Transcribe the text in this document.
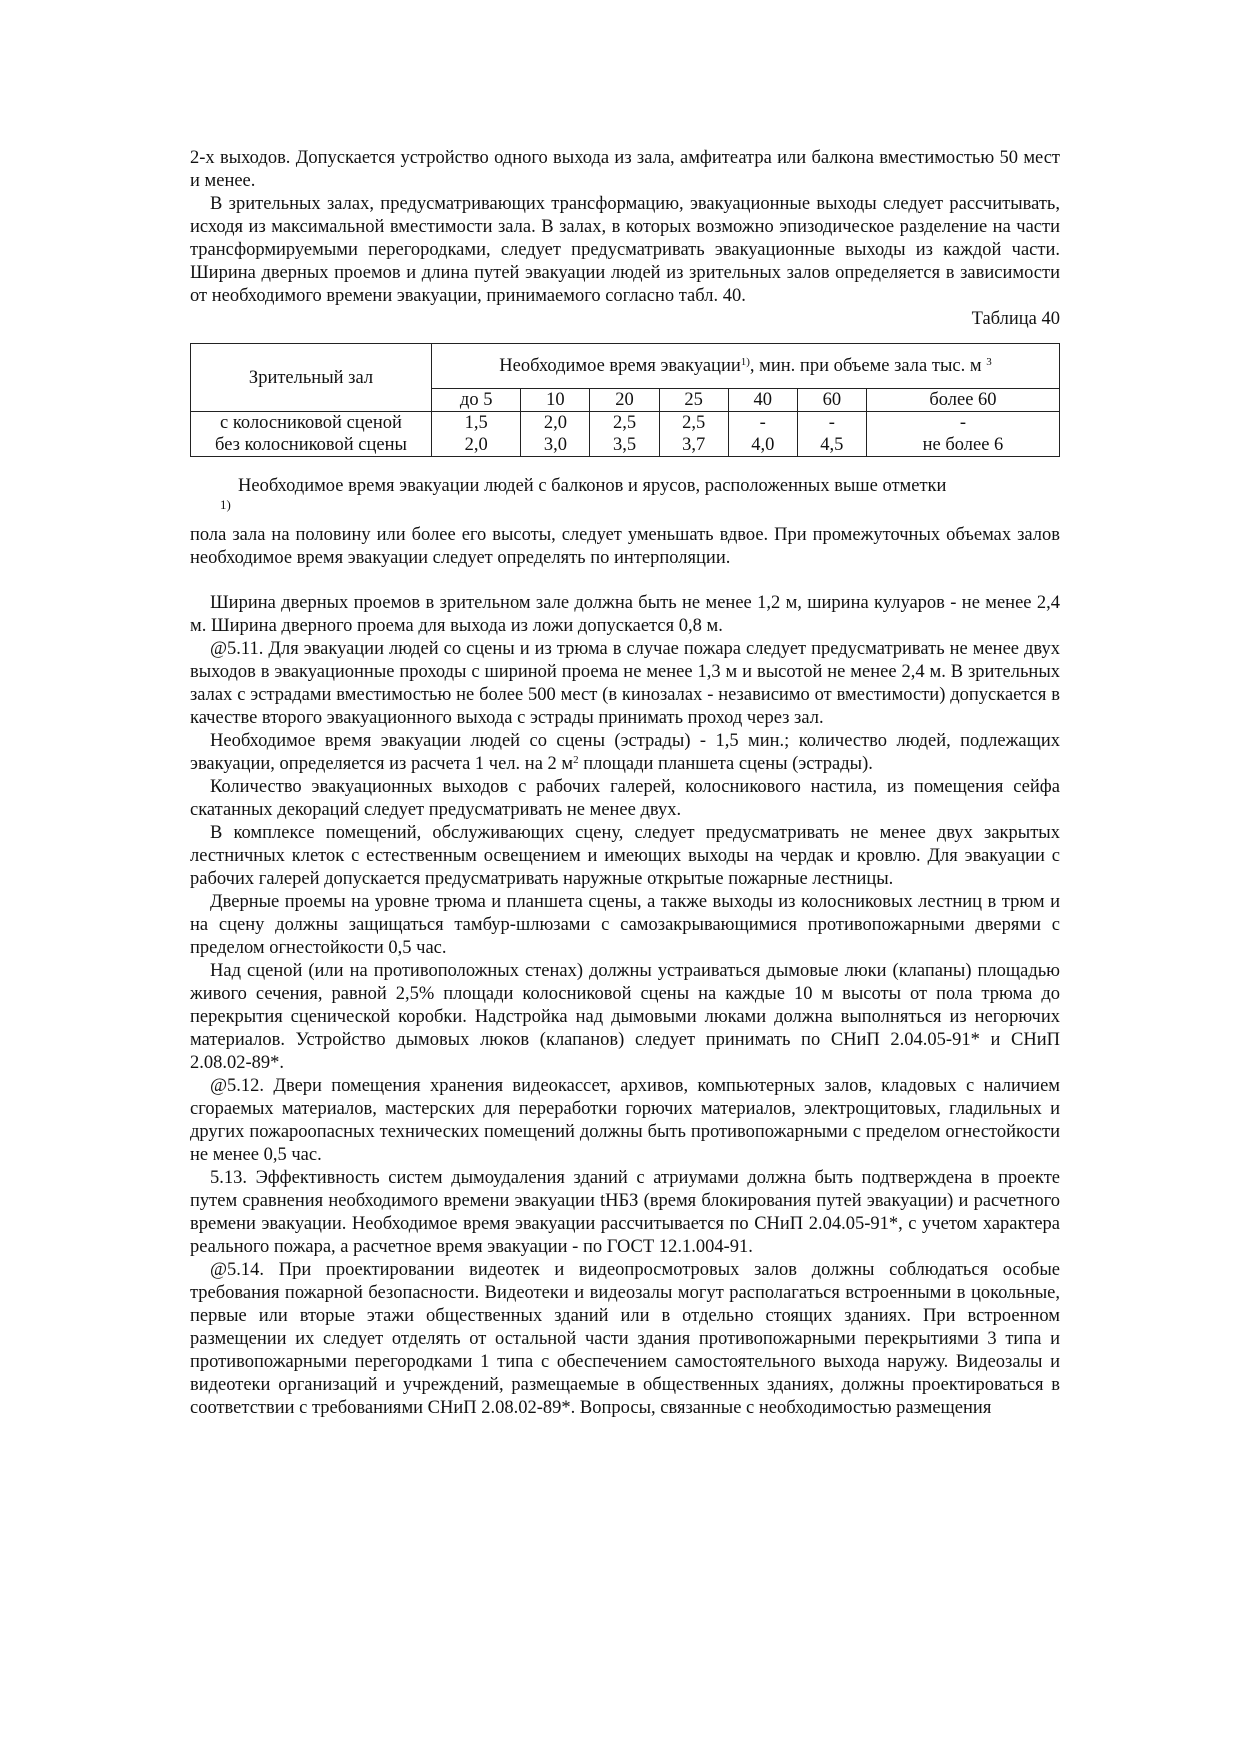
2-х выходов. Допускается устройство одного выхода из зала, амфитеатра или балкона вместимостью 50 мест и менее.

В зрительных залах, предусматривающих трансформацию, эвакуационные выходы следует рассчитывать, исходя из максимальной вместимости зала. В залах, в которых возможно эпизодическое разделение на части трансформируемыми перегородками, следует предусматривать эвакуационные выходы из каждой части. Ширина дверных проемов и длина путей эвакуации людей из зрительных залов определяется в зависимости от необходимого времени эвакуации, принимаемого согласно табл. 40.

Таблица 40

Зрительный зал	Необходимое время эвакуации$^{1)}$, мин. при объеме зала тыс. м $^3$
	до 5	10	20	25	40	60	более 60
с колосниковой сценой	1,5	2,0	2,5	2,5	-	-	-
без колосниковой сцены	2,0	3,0	3,5	3,7	4,0	4,5	не более 6

Необходимое время эвакуации людей с балконов и ярусов, расположенных выше отметки

1)

пола зала на половину или более его высоты, следует уменьшать вдвое. При промежуточных объемах залов необходимое время эвакуации следует определять по интерполяции.

Ширина дверных проемов в зрительном зале должна быть не менее 1,2 м, ширина кулуаров - не менее 2,4 м. Ширина дверного проема для выхода из ложи допускается 0,8 м.

@5.11. Для эвакуации людей со сцены и из трюма в случае пожара следует предусматривать не менее двух выходов в эвакуационные проходы с шириной проема не менее 1,3 м и высотой не менее 2,4 м. В зрительных залах с эстрадами вместимостью не более 500 мест (в кинозалах - независимо от вместимости) допускается в качестве второго эвакуационного выхода с эстрады принимать проход через зал.

Необходимое время эвакуации людей со сцены (эстрады) - 1,5 мин.; количество людей, подлежащих эвакуации, определяется из расчета 1 чел. на 2 $м^2$ площади планшета сцены (эстрады).

Количество эвакуационных выходов с рабочих галерей, колосникового настила, из помещения сейфа скатанных декораций следует предусматривать не менее двух.

В комплексе помещений, обслуживающих сцену, следует предусматривать не менее двух закрытых лестничных клеток с естественным освещением и имеющих выходы на чердак и кровлю. Для эвакуации с рабочих галерей допускается предусматривать наружные открытые пожарные лестницы.

Дверные проемы на уровне трюма и планшета сцены, а также выходы из колосниковых лестниц в трюм и на сцену должны защищаться тамбур-шлюзами с самозакрывающимися противопожарными дверями с пределом огнестойкости 0,5 час.

Над сценой (или на противоположных стенах) должны устраиваться дымовые люки (клапаны) площадью живого сечения, равной 2,5% площади колосниковой сцены на каждые 10 м высоты от пола трюма до перекрытия сценической коробки. Надстройка над дымовыми люками должна выполняться из негорючих материалов. Устройство дымовых люков (клапанов) следует принимать по СНиП 2.04.05-91* и СНиП 2.08.02-89*.

@5.12. Двери помещения хранения видеокассет, архивов, компьютерных залов, кладовых с наличием сгораемых материалов, мастерских для переработки горючих материалов, электрощитовых, гладильных и других пожароопасных технических помещений должны быть противопожарными с пределом огнестойкости не менее 0,5 час.

5.13. Эффективность систем дымоудаления зданий с атриумами должна быть подтверждена в проекте путем сравнения необходимого времени эвакуации tНБЗ (время блокирования путей эвакуации) и расчетного времени эвакуации. Необходимое время эвакуации рассчитывается по СНиП 2.04.05-91*, с учетом характера реального пожара, а расчетное время эвакуации - по ГОСТ 12.1.004-91.

@5.14. При проектировании видеотек и видеопросмотровых залов должны соблюдаться особые требования пожарной безопасности. Видеотеки и видеозалы могут располагаться встроенными в цокольные, первые или вторые этажи общественных зданий или в отдельно стоящих зданиях. При встроенном размещении их следует отделять от остальной части здания противопожарными перекрытиями 3 типа и противопожарными перегородками 1 типа с обеспечением самостоятельного выхода наружу. Видеозалы и видеотеки организаций и учреждений, размещаемые в общественных зданиях, должны проектироваться в соответствии с требованиями СНиП 2.08.02-89*. Вопросы, связанные с необходимостью размещения
